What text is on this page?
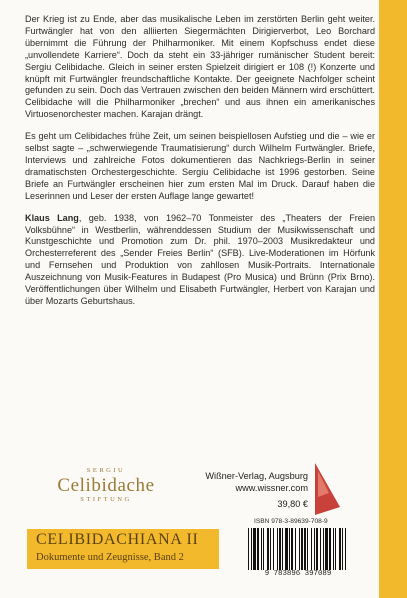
Der Krieg ist zu Ende, aber das musikalische Leben im zerstörten Berlin geht weiter. Furtwängler hat von den alliierten Siegermächten Dirigierverbot, Leo Borchard übernimmt die Führung der Philharmoniker. Mit einem Kopfschuss endet diese „unvollendete Karriere“. Doch da steht ein 33-jähriger rumänischer Student bereit: Sergiu Celibidache. Gleich in seiner ersten Spielzeit dirigiert er 108 (!) Konzerte und knüpft mit Furtwängler freundschaftliche Kontakte. Der geeignete Nachfolger scheint gefunden zu sein. Doch das Vertrauen zwischen den beiden Männern wird erschüttert. Celibidache will die Philharmoniker „brechen“ und aus ihnen ein amerikanisches Virtuosenorchester machen. Karajan drängt.

Es geht um Celibidaches frühe Zeit, um seinen beispiellosen Aufstieg und die – wie er selbst sagte – „schwerwiegende Traumatisierung“ durch Wilhelm Furtwängler. Briefe, Interviews und zahlreiche Fotos dokumentieren das Nachkriegs-Berlin in seiner dramatischsten Orchestergeschichte. Sergiu Celibidache ist 1996 gestorben. Seine Briefe an Furtwängler erscheinen hier zum ersten Mal im Druck. Darauf haben die Leserinnen und Leser der ersten Auflage lange gewartet!

Klaus Lang, geb. 1938, von 1962–70 Tonmeister des „Theaters der Freien Volksbühne“ in Westberlin, währenddessen Studium der Musikwissenschaft und Kunstgeschichte und Promotion zum Dr. phil. 1970–2003 Musikredakteur und Orchesterreferent des „Sender Freies Berlin“ (SFB). Live-Moderationen im Hörfunk und Fernsehen und Produktion von zahllosen Musik-Portraits. Internationale Auszeichnung von Musik-Features in Budapest (Pro Musica) und Brünn (Prix Brno). Veröffentlichungen über Wilhelm und Elisabeth Furtwängler, Herbert von Karajan und über Mozarts Geburtshaus.

SERGIU
Celibidache
STIFTUNG
Wißner-Verlag, Augsburg
www.wissner.com
39,80 €
CELIBIDACHIANA II
Dokumente und Zeugnisse, Band 2
ISBN 978-3-89639-708-9
9 783896 397089
